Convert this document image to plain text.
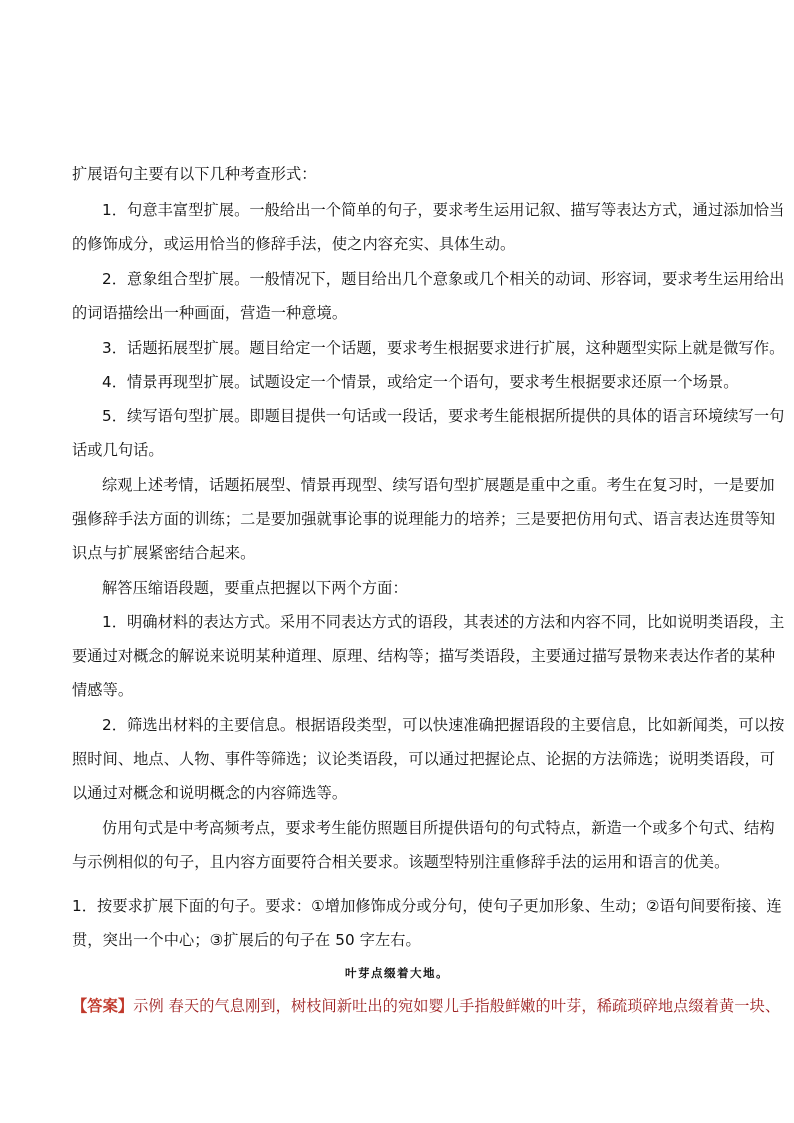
扩展语句主要有以下几种考查形式：
1．句意丰富型扩展。一般给出一个简单的句子，要求考生运用记叙、描写等表达方式，通过添加恰当
的修饰成分，或运用恰当的修辞手法，使之内容充实、具体生动。
2．意象组合型扩展。一般情况下，题目给出几个意象或几个相关的动词、形容词，要求考生运用给出
的词语描绘出一种画面，营造一种意境。
3．话题拓展型扩展。题目给定一个话题，要求考生根据要求进行扩展，这种题型实际上就是微写作。
4．情景再现型扩展。试题设定一个情景，或给定一个语句，要求考生根据要求还原一个场景。
5．续写语句型扩展。即题目提供一句话或一段话，要求考生能根据所提供的具体的语言环境续写一句
话或几句话。
综观上述考情，话题拓展型、情景再现型、续写语句型扩展题是重中之重。考生在复习时，一是要加
强修辞手法方面的训练；二是要加强就事论事的说理能力的培养；三是要把仿用句式、语言表达连贯等知
识点与扩展紧密结合起来。
解答压缩语段题，要重点把握以下两个方面：
1．明确材料的表达方式。采用不同表达方式的语段，其表述的方法和内容不同，比如说明类语段，主
要通过对概念的解说来说明某种道理、原理、结构等；描写类语段，主要通过描写景物来表达作者的某种
情感等。
2．筛选出材料的主要信息。根据语段类型，可以快速准确把握语段的主要信息，比如新闻类，可以按
照时间、地点、人物、事件等筛选；议论类语段，可以通过把握论点、论据的方法筛选；说明类语段，可
以通过对概念和说明概念的内容筛选等。
仿用句式是中考高频考点，要求考生能仿照题目所提供语句的句式特点，新造一个或多个句式、结构
与示例相似的句子，且内容方面要符合相关要求。该题型特别注重修辞手法的运用和语言的优美。
1．按要求扩展下面的句子。要求：①增加修饰成分或分句，使句子更加形象、生动；②语句间要衔接、连
贯，突出一个中心；③扩展后的句子在 50 字左右。
叶芽点缀着大地。
【答案】示例 春天的气息刚到，树枝间新吐出的宛如婴儿手指般鲜嫩的叶芽，稀疏琐碎地点缀着黄一块、
